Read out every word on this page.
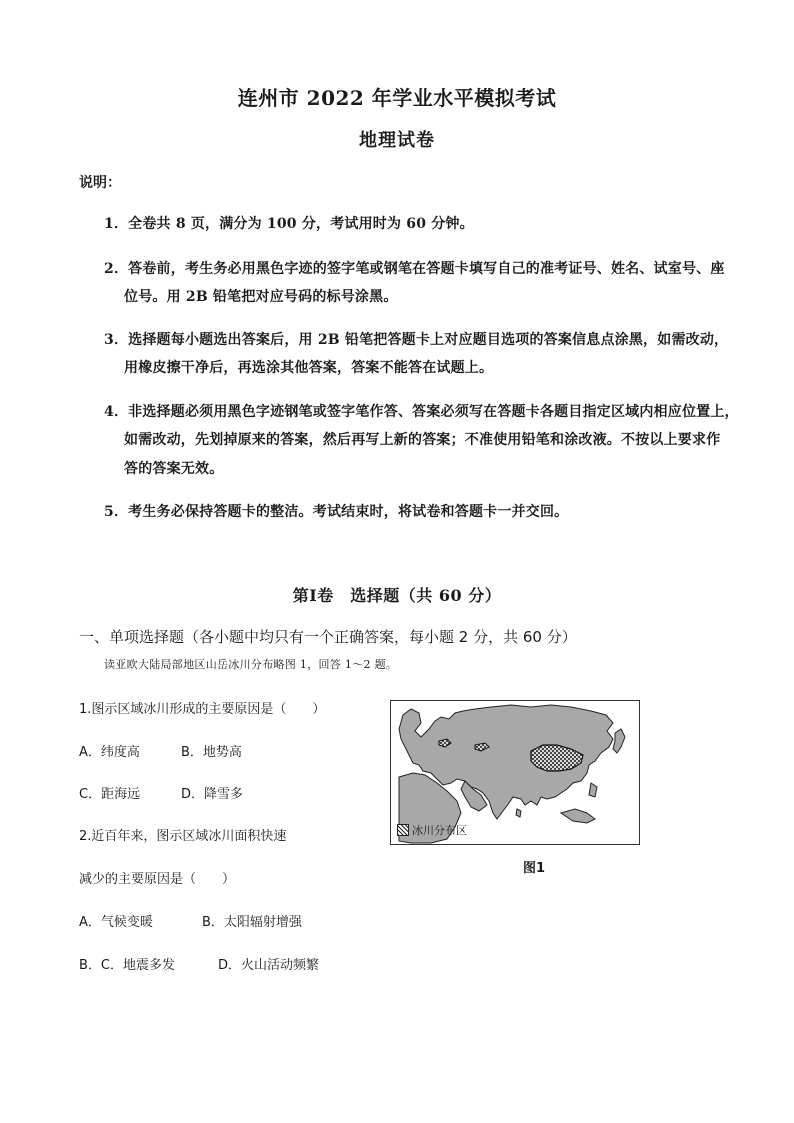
连州市 2022 年学业水平模拟考试
地理试卷
说明：
1．全卷共 8 页，满分为 100 分，考试用时为 60 分钟。
2．答卷前，考生务必用黑色字迹的签字笔或钢笔在答题卡填写自己的准考证号、姓名、试室号、座
位号。用 2B 铅笔把对应号码的标号涂黑。
3．选择题每小题选出答案后，用 2B 铅笔把答题卡上对应题目选项的答案信息点涂黑，如需改动，
用橡皮擦干净后，再选涂其他答案，答案不能答在试题上。
4．非选择题必须用黑色字迹钢笔或签字笔作答、答案必须写在答题卡各题目指定区域内相应位置上，
如需改动，先划掉原来的答案，然后再写上新的答案；不准使用铅笔和涂改液。不按以上要求作
答的答案无效。
5．考生务必保持答题卡的整洁。考试结束时，将试卷和答题卡一并交回。
第Ⅰ卷　选择题（共 60 分）
一、单项选择题（各小题中均只有一个正确答案，每小题 2 分，共 60 分）
读亚欧大陆局部地区山岳冰川分布略图 1，回答 1～2 题。
1.图示区域冰川形成的主要原因是（　　）
A．纬度高	B．地势高
C．距海远	D．降雪多
2.近百年来，图示区域冰川面积快速
减少的主要原因是（　　）
A．气候变暖	B．太阳辐射增强
B．C．地震多发	D．火山活动频繁
冰川分布区
图1
